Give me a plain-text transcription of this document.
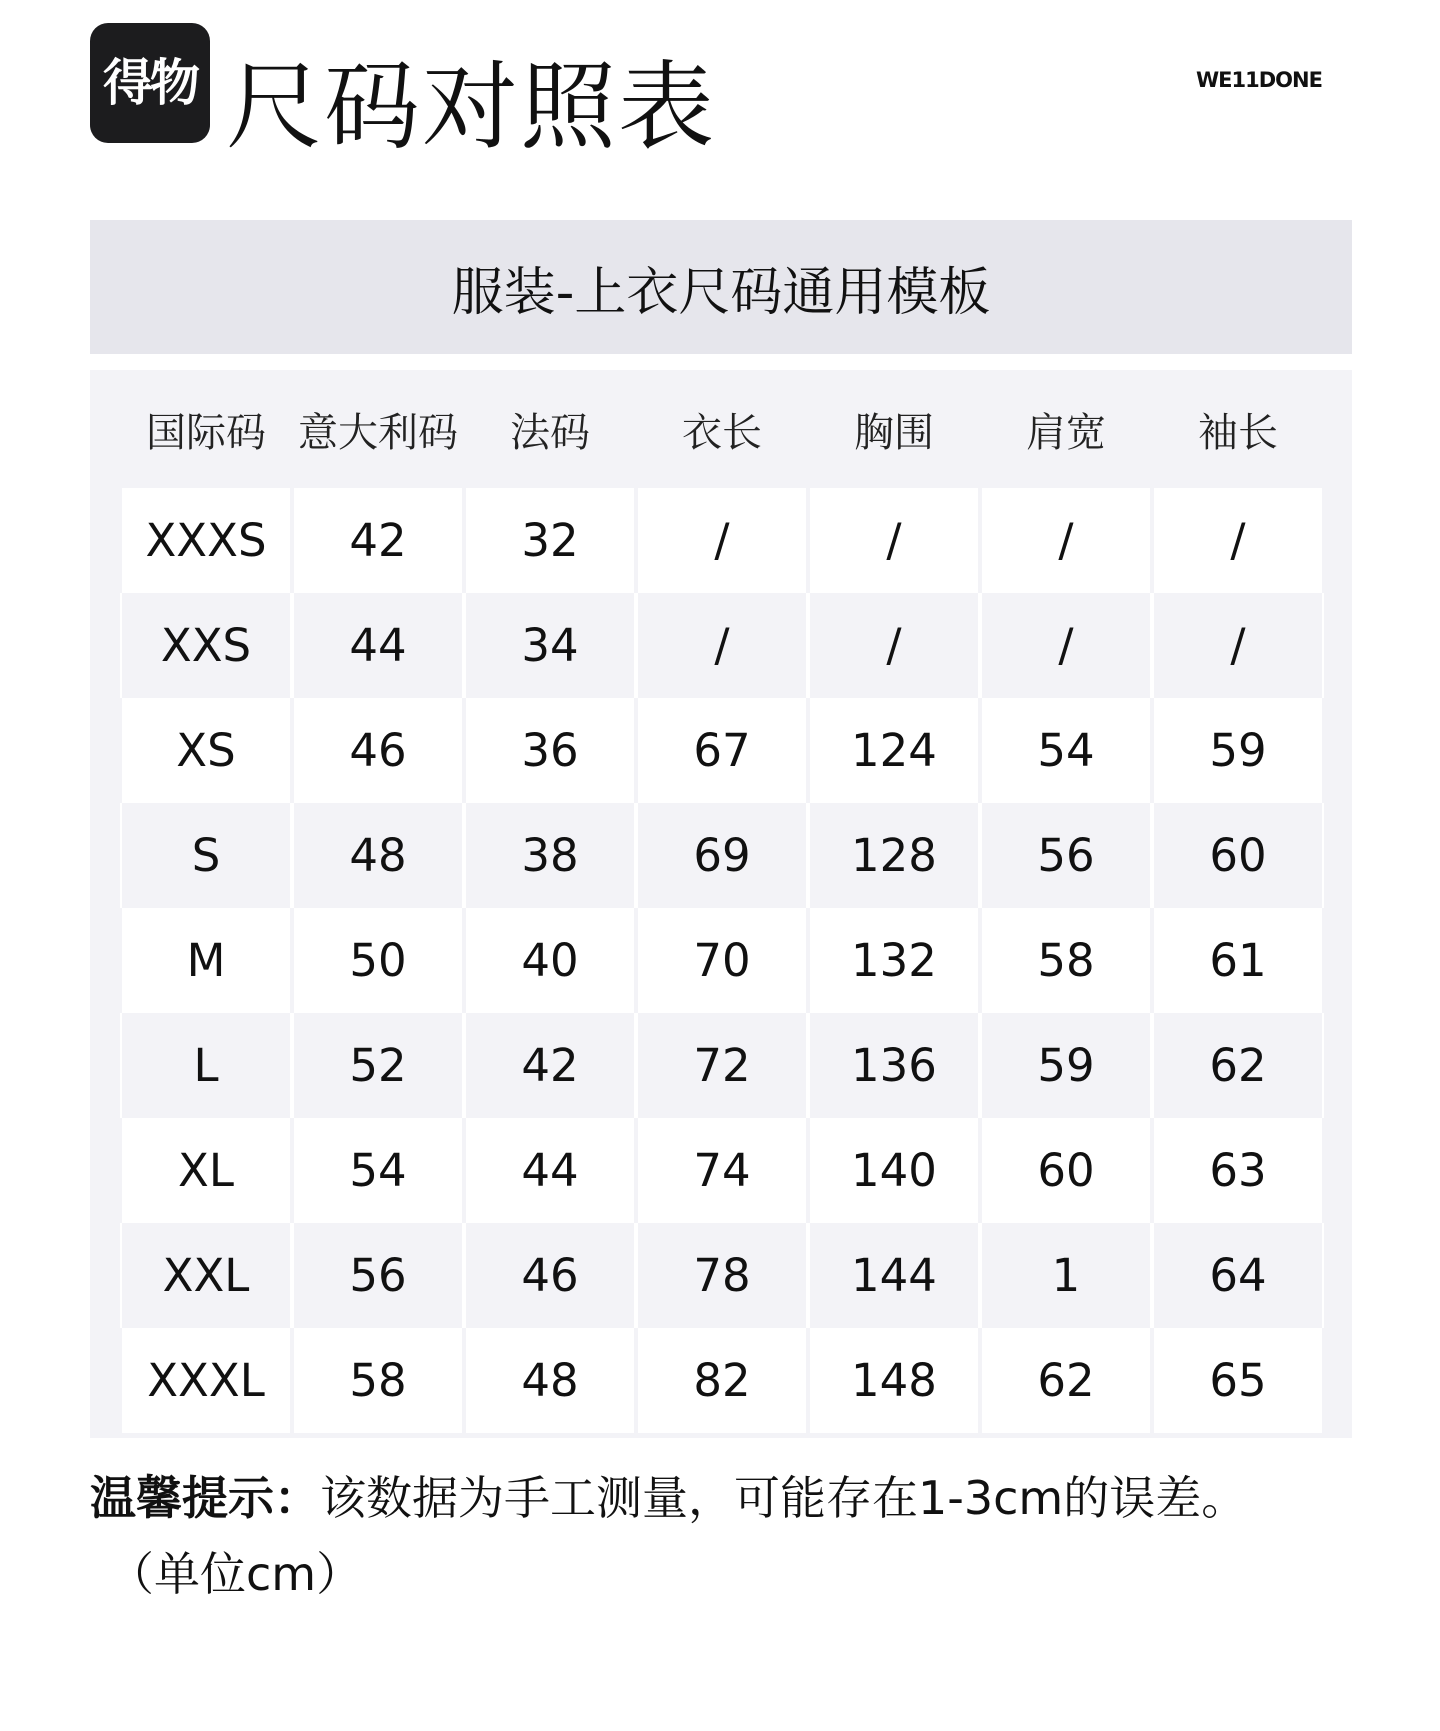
得物 尺码对照表	WE11DONE
服装-上衣尺码通用模板
国际码	意大利码	法码	衣长	胸围	肩宽	袖长
XXXS	42	32	/	/	/	/
XXS	44	34	/	/	/	/
XS	46	36	67	124	54	59
S	48	38	69	128	56	60
M	50	40	70	132	58	61
L	52	42	72	136	59	62
XL	54	44	74	140	60	63
XXL	56	46	78	144	1	64
XXXL	58	48	82	148	62	65
温馨提示：该数据为手工测量，可能存在1-3cm的误差。
（单位cm）
